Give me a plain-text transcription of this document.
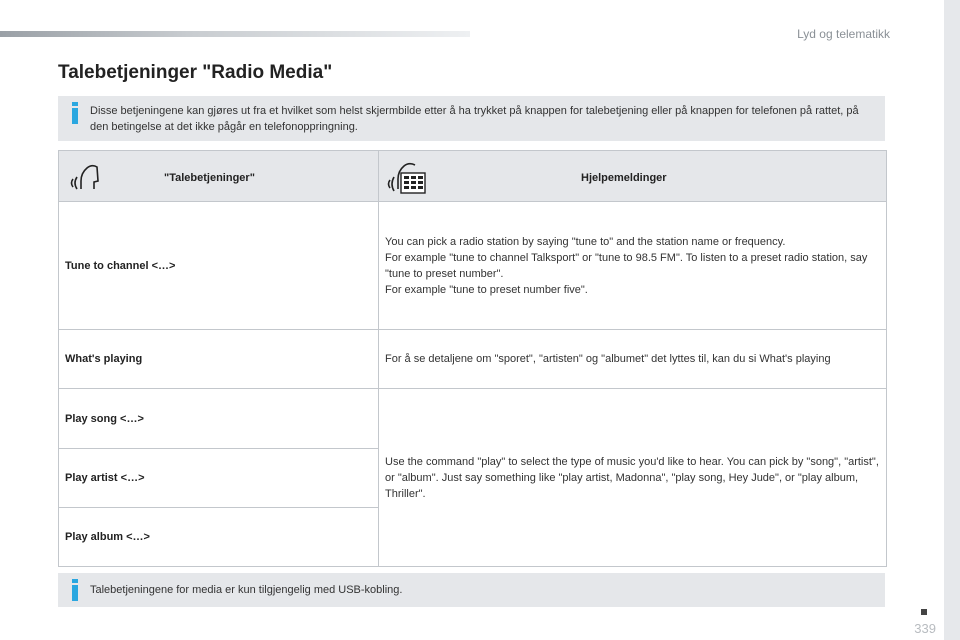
Lyd og telematikk
Talebetjeninger "Radio Media"
Disse betjeningene kan gjøres ut fra et hvilket som helst skjermbilde etter å ha trykket på knappen for talebetjening eller på knappen for telefonen på rattet, på den betingelse at det ikke pågår en telefonoppringning.
"Talebetjeninger"	Hjelpemeldinger

Tune to channel <…>	You can pick a radio station by saying "tune to" and the station name or frequency.
For example "tune to channel Talksport" or "tune to 98.5 FM". To listen to a preset radio station, say "tune to preset number".
For example "tune to preset number five".

What's playing	For å se detaljene om "sporet", "artisten" og "albumet" det lyttes til, kan du si What's playing

Play song <…>	Use the command "play" to select the type of music you'd like to hear. You can pick by "song", "artist", or "album". Just say something like "play artist, Madonna", "play song, Hey Jude", or "play album, Thriller".

Play artist <…>	
Play album <…>	
Talebetjeningene for media er kun tilgjengelig med USB-kobling.
339
